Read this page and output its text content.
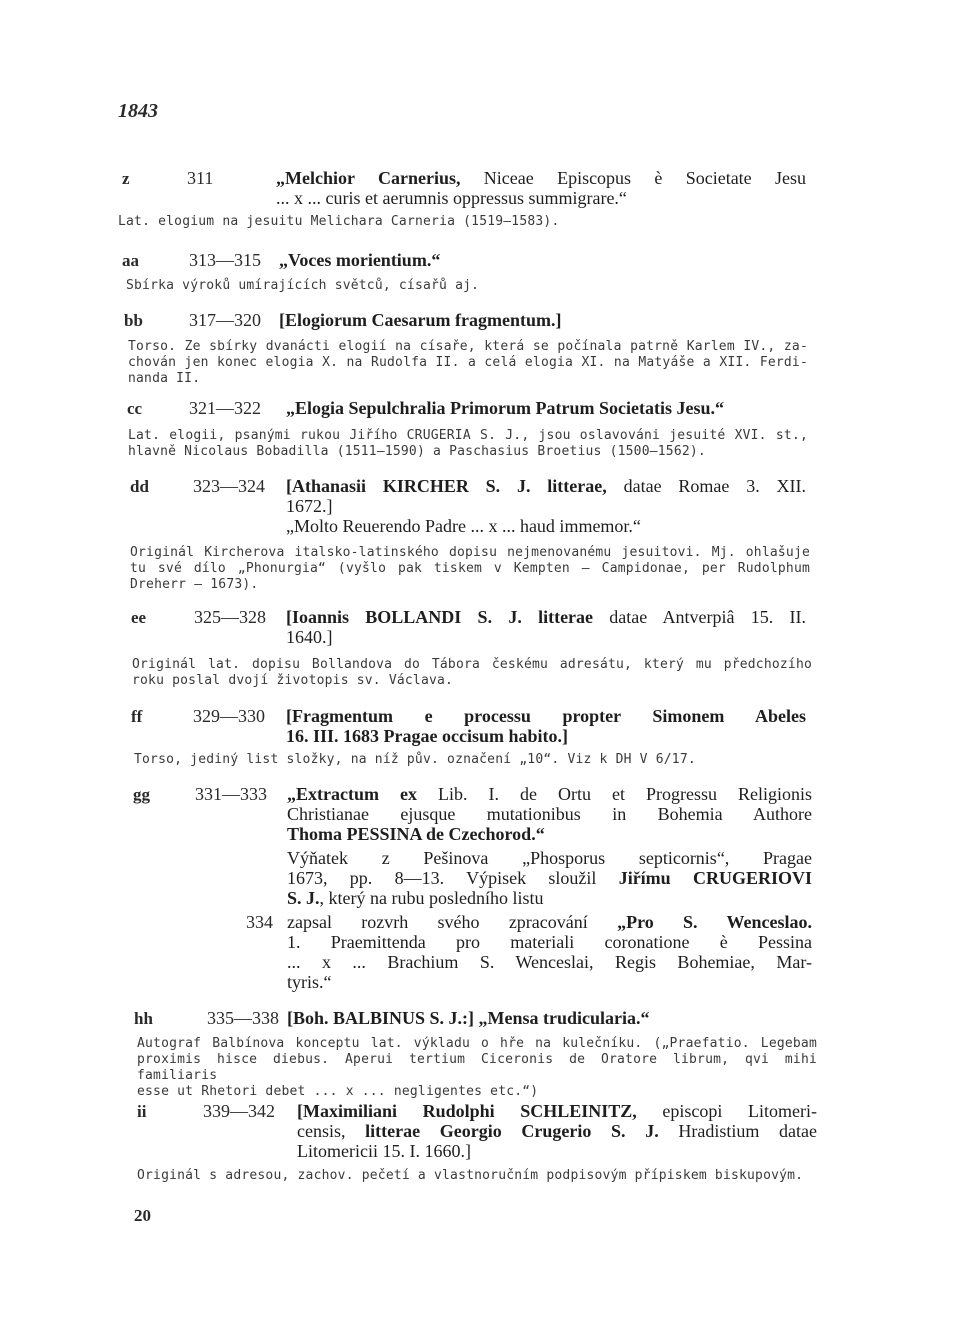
1843
z	311	„Melchior Carnerius, Niceae Episcopus è Societate Jesu
... x ... curis et aerumnis oppressus summigrare.“
Lat. elogium na jesuitu Melichara Carneria (1519—1583).
aa	313—315 „Voces morientium.“
Sbírka výroků umírajících světců, císařů aj.
bb	317—320 [Elogiorum Caesarum fragmentum.]
Torso. Ze sbírky dvanácti elogií na císaře, která se počínala patrně Karlem IV., za-
chován jen konec elogia X. na Rudolfa II. a celá elogia XI. na Matyáše a XII. Ferdi-
nanda II.
cc	321—322 „Elogia Sepulchralia Primorum Patrum Societatis Jesu.“
Lat. elogii, psanými rukou Jiřího CRUGERIA S. J., jsou oslavováni jesuité XVI. st.,
hlavně Nicolaus Bobadilla (1511—1590) a Paschasius Broetius (1500—1562).
dd 323—324 [Athanasii KIRCHER S. J. litterae, datae Romae 3. XII.
1672.]
„Molto Reuerendo Padre ... x ... haud immemor.“
Originál Kircherova italsko-latinského dopisu nejmenovanému jesuitovi. Mj. ohlašuje
tu své dílo „Phonurgia“ (vyšlo pak tiskem v Kempten — Campidonae, per Rudolphum
Dreherr — 1673).
ee	325—328 [Ioannis BOLLANDI S. J. litterae datae Antverpiâ 15. II.
1640.]
Originál lat. dopisu Bollandova do Tábora českému adresátu, který mu předchozího
roku poslal dvojí životopis sv. Václava.
ff	329—330 [Fragmentum e processu propter Simonem Abeles
16. III. 1683 Pragae occisum habito.]
Torso, jediný list složky, na níž pův. označení „10“. Viz k DH V 6/17.
gg	331—333 „Extractum ex Lib. I. de Ortu et Progressu Religionis
Christianae ejusque mutationibus in Bohemia Authore
Thoma PESSINA de Czechorod.“
Výňatek z Pešinova „Phosporus septicornis“, Pragae
1673, pp. 8—13. Výpisek sloužil Jiřímu CRUGERIOVI
S. J., který na rubu posledního listu
334 zapsal rozvrh svého zpracování „Pro S. Wenceslao.
1. Praemittenda pro materiali coronatione è Pessina
... x ... Brachium S. Wenceslai, Regis Bohemiae, Mar-
tyris.“
hh	335—338 [Boh. BALBINUS S. J.:] „Mensa trudicularia.“
Autograf Balbínova konceptu lat. výkladu o hře na kulečníku. („Praefatio. Legebam
proximis hisce diebus. Aperui tertium Ciceronis de Oratore librum, qvi mihi familiaris
esse ut Rhetori debet ... x ... negligentes etc.“)
ii	339—342 [Maximiliani Rudolphi SCHLEINITZ, episcopi Litomeri-
censis, litterae Georgio Crugerio S. J. Hradistium datae
Litomericii 15. I. 1660.]
Originál s adresou, zachov. pečetí a vlastnoručním podpisovým přípiskem biskupovým.
20
